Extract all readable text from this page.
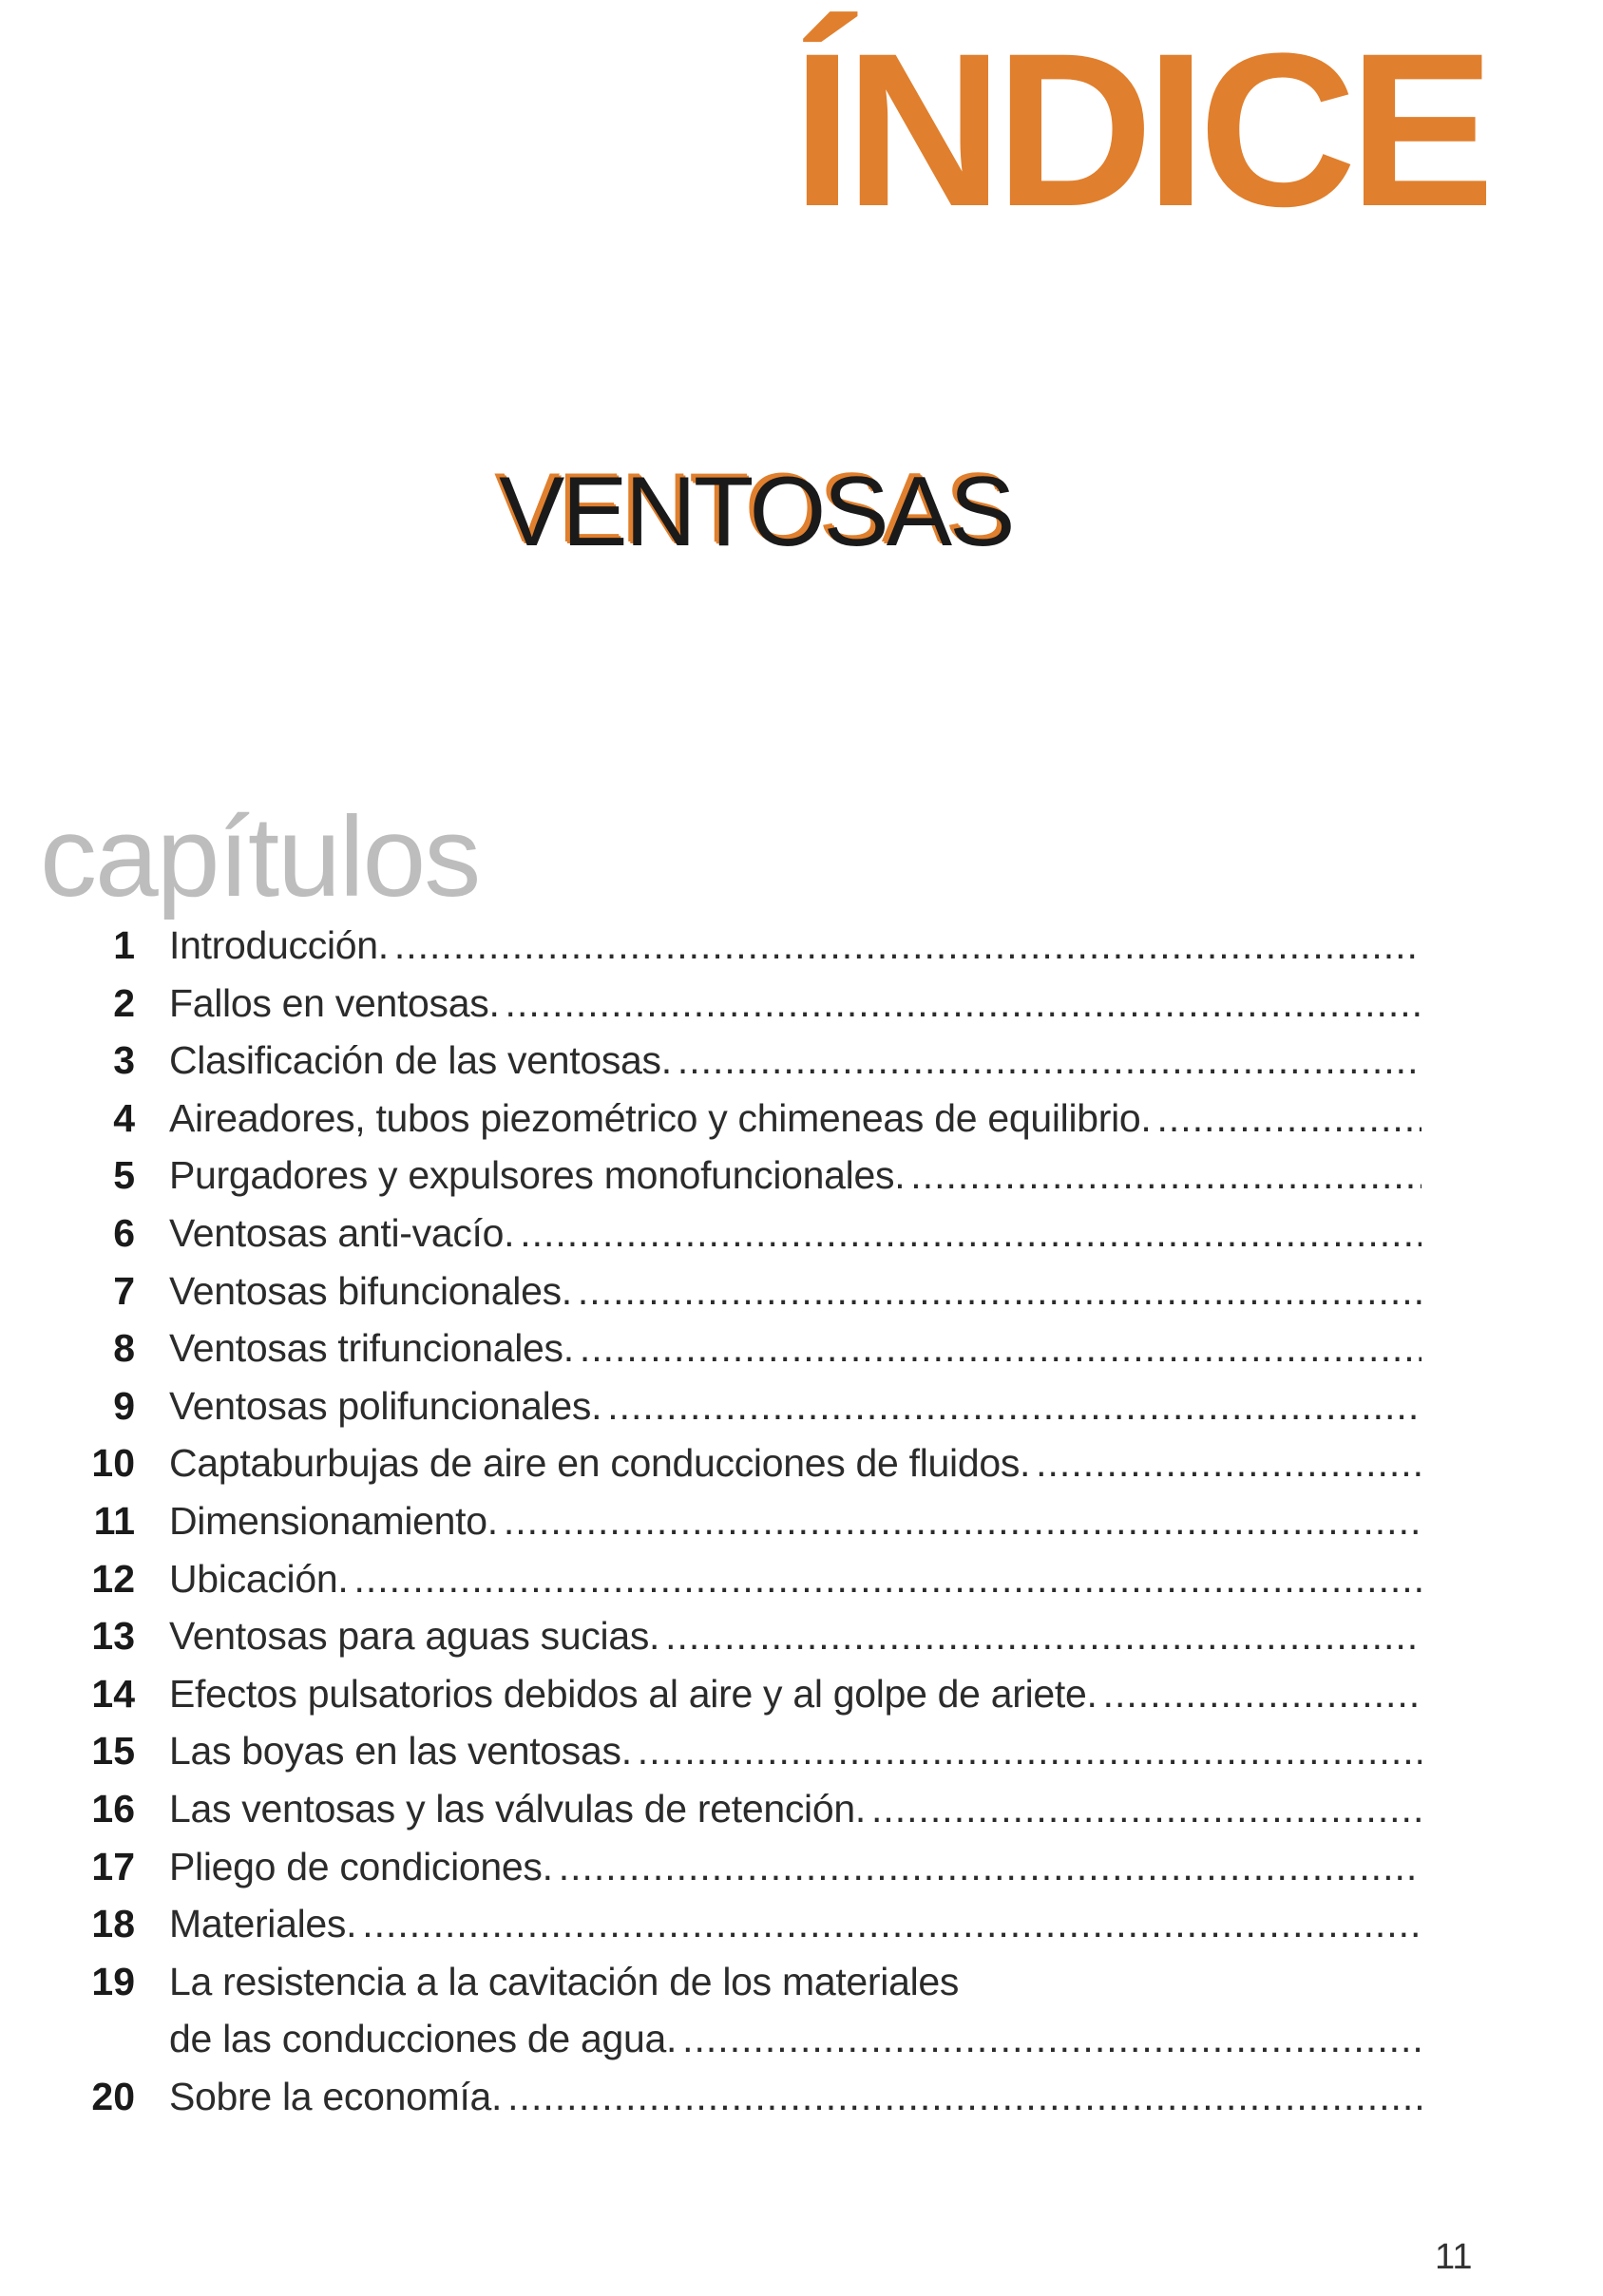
ÍNDICE
VENTOSAS
capítulos
1 Introducción.
.....
2 Fallos en ventosas.
.....
3 Clasificación de las ventosas.
.....
4 Aireadores, tubos piezométrico y chimeneas de equilibrio.
.....
5 Purgadores y expulsores monofuncionales.
.....
6 Ventosas anti-vacío.
.....
7 Ventosas bifuncionales.
.....
8 Ventosas trifuncionales.
.....
9 Ventosas polifuncionales.
.....
10 Captaburbujas de aire en conducciones de fluidos.
.....
11 Dimensionamiento.
.....
12 Ubicación.
.....
13 Ventosas para aguas sucias.
.....
14 Efectos pulsatorios debidos al aire y al golpe de ariete.
.....
15 Las boyas en las ventosas.
.....
16 Las ventosas y las válvulas de retención.
.....
17 Pliego de condiciones.
.....
18 Materiales.
.....
19 La resistencia a la cavitación de los materiales
de las conducciones de agua.
.....
20 Sobre la economía.
.....

11
